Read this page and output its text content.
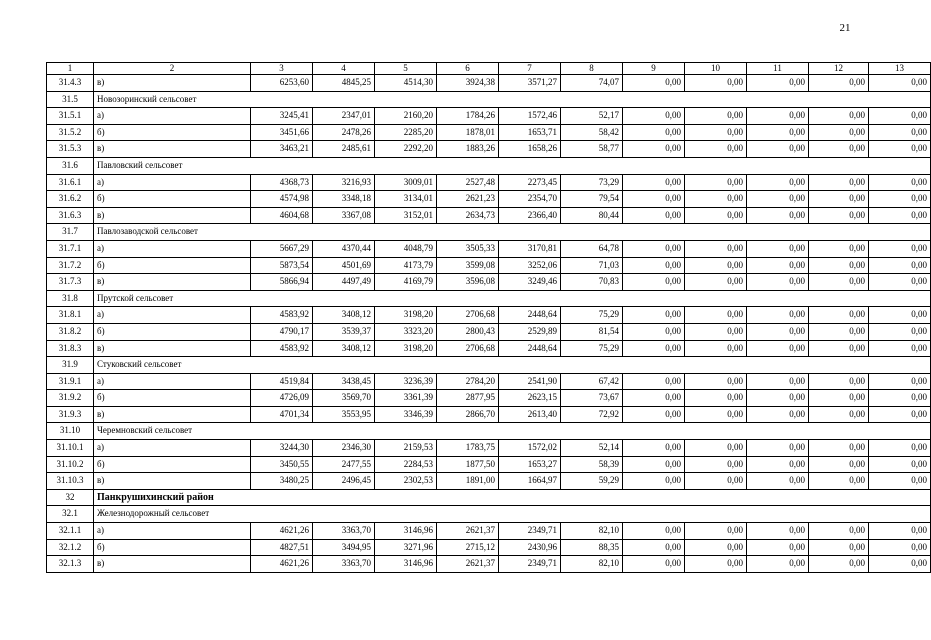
21
1	2	3	4	5	6	7	8	9	10	11	12	13
31.4.3	в)	6253,60	4845,25	4514,30	3924,38	3571,27	74,07	0,00	0,00	0,00	0,00	0,00
31.5	Новозоринский сельсовет											
31.5.1	а)	3245,41	2347,01	2160,20	1784,26	1572,46	52,17	0,00	0,00	0,00	0,00	0,00
31.5.2	б)	3451,66	2478,26	2285,20	1878,01	1653,71	58,42	0,00	0,00	0,00	0,00	0,00
31.5.3	в)	3463,21	2485,61	2292,20	1883,26	1658,26	58,77	0,00	0,00	0,00	0,00	0,00
31.6	Павловский сельсовет											
31.6.1	а)	4368,73	3216,93	3009,01	2527,48	2273,45	73,29	0,00	0,00	0,00	0,00	0,00
31.6.2	б)	4574,98	3348,18	3134,01	2621,23	2354,70	79,54	0,00	0,00	0,00	0,00	0,00
31.6.3	в)	4604,68	3367,08	3152,01	2634,73	2366,40	80,44	0,00	0,00	0,00	0,00	0,00
31.7	Павлозаводской сельсовет											
31.7.1	а)	5667,29	4370,44	4048,79	3505,33	3170,81	64,78	0,00	0,00	0,00	0,00	0,00
31.7.2	б)	5873,54	4501,69	4173,79	3599,08	3252,06	71,03	0,00	0,00	0,00	0,00	0,00
31.7.3	в)	5866,94	4497,49	4169,79	3596,08	3249,46	70,83	0,00	0,00	0,00	0,00	0,00
31.8	Прутской сельсовет											
31.8.1	а)	4583,92	3408,12	3198,20	2706,68	2448,64	75,29	0,00	0,00	0,00	0,00	0,00
31.8.2	б)	4790,17	3539,37	3323,20	2800,43	2529,89	81,54	0,00	0,00	0,00	0,00	0,00
31.8.3	в)	4583,92	3408,12	3198,20	2706,68	2448,64	75,29	0,00	0,00	0,00	0,00	0,00
31.9	Стуковский сельсовет											
31.9.1	а)	4519,84	3438,45	3236,39	2784,20	2541,90	67,42	0,00	0,00	0,00	0,00	0,00
31.9.2	б)	4726,09	3569,70	3361,39	2877,95	2623,15	73,67	0,00	0,00	0,00	0,00	0,00
31.9.3	в)	4701,34	3553,95	3346,39	2866,70	2613,40	72,92	0,00	0,00	0,00	0,00	0,00
31.10	Черемновский сельсовет											
31.10.1	а)	3244,30	2346,30	2159,53	1783,75	1572,02	52,14	0,00	0,00	0,00	0,00	0,00
31.10.2	б)	3450,55	2477,55	2284,53	1877,50	1653,27	58,39	0,00	0,00	0,00	0,00	0,00
31.10.3	в)	3480,25	2496,45	2302,53	1891,00	1664,97	59,29	0,00	0,00	0,00	0,00	0,00
32	Панкрушихинский район											
32.1	Железнодорожный сельсовет											
32.1.1	а)	4621,26	3363,70	3146,96	2621,37	2349,71	82,10	0,00	0,00	0,00	0,00	0,00
32.1.2	б)	4827,51	3494,95	3271,96	2715,12	2430,96	88,35	0,00	0,00	0,00	0,00	0,00
32.1.3	в)	4621,26	3363,70	3146,96	2621,37	2349,71	82,10	0,00	0,00	0,00	0,00	0,00
